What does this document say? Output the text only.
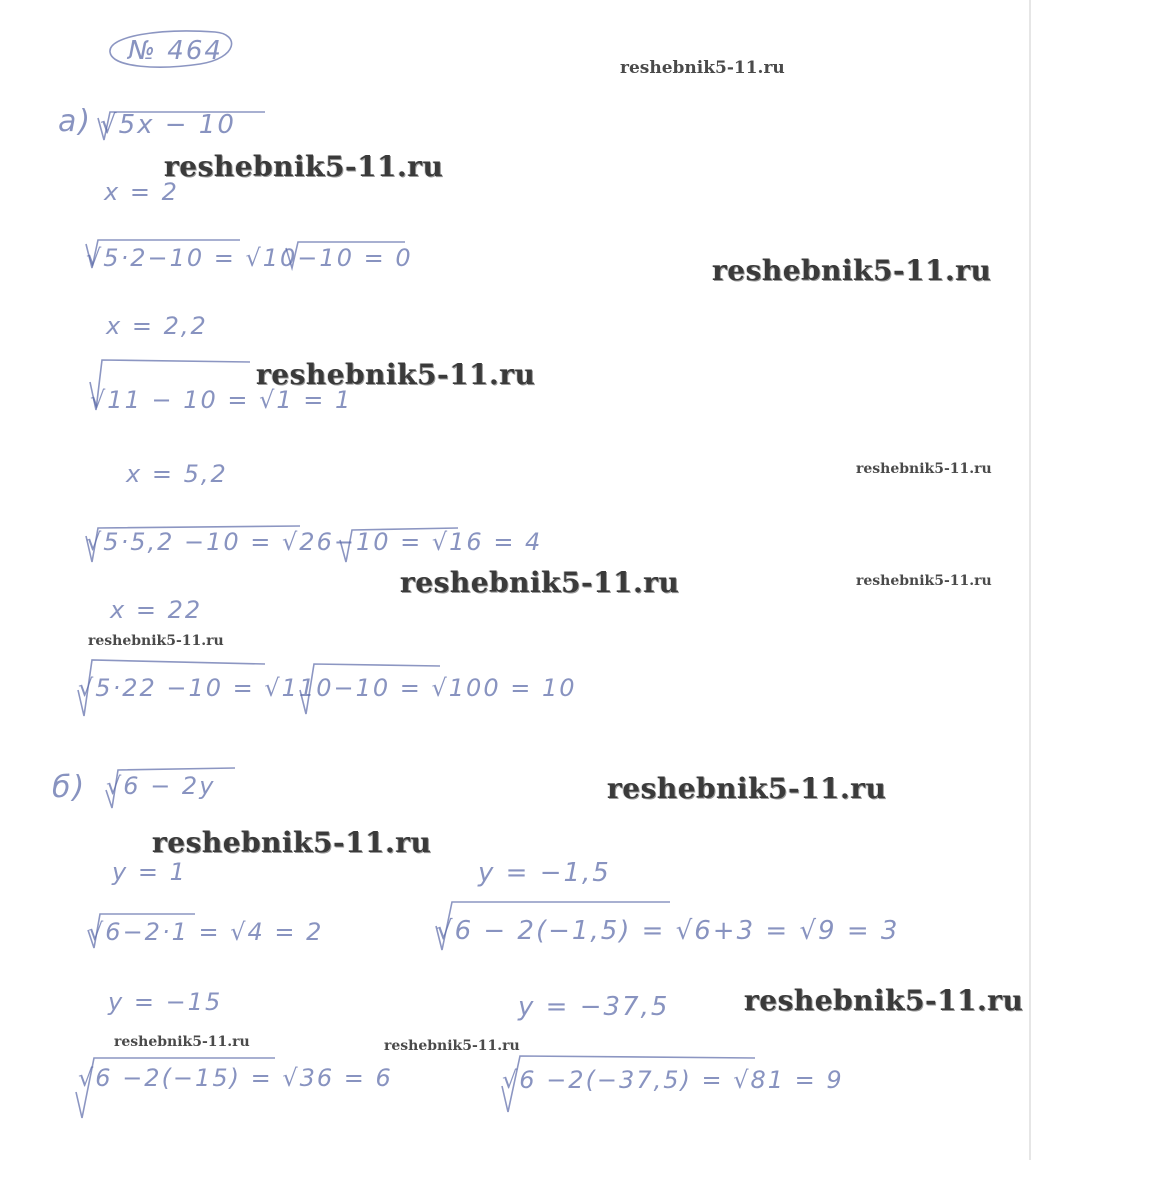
№ 464
а) √5x − 10
x = 2
√5·2−10 = √10−10 = 0
x = 2,2
√11 − 10 = √1 = 1
x = 5,2
√5·5,2 −10 = √26−10 = √16 = 4
x = 22
√5·22 −10 = √110−10 = √100 = 10
б) √6 − 2y
y = 1
√6−2·1 = √4 = 2
y = −1,5
√6 − 2(−1,5) = √6+3 = √9 = 3
y = −15
√6 −2(−15) = √36 = 6
y = −37,5
√6 −2(−37,5) = √81 = 9
reshebnik5-11.ru
reshebnik5-11.ru
reshebnik5-11.ru
reshebnik5-11.ru
reshebnik5-11.ru
reshebnik5-11.ru	reshebnik5-11.ru
reshebnik5-11.ru
reshebnik5-11.ru
reshebnik5-11.ru
reshebnik5-11.ru
reshebnik5-11.ru	reshebnik5-11.ru
